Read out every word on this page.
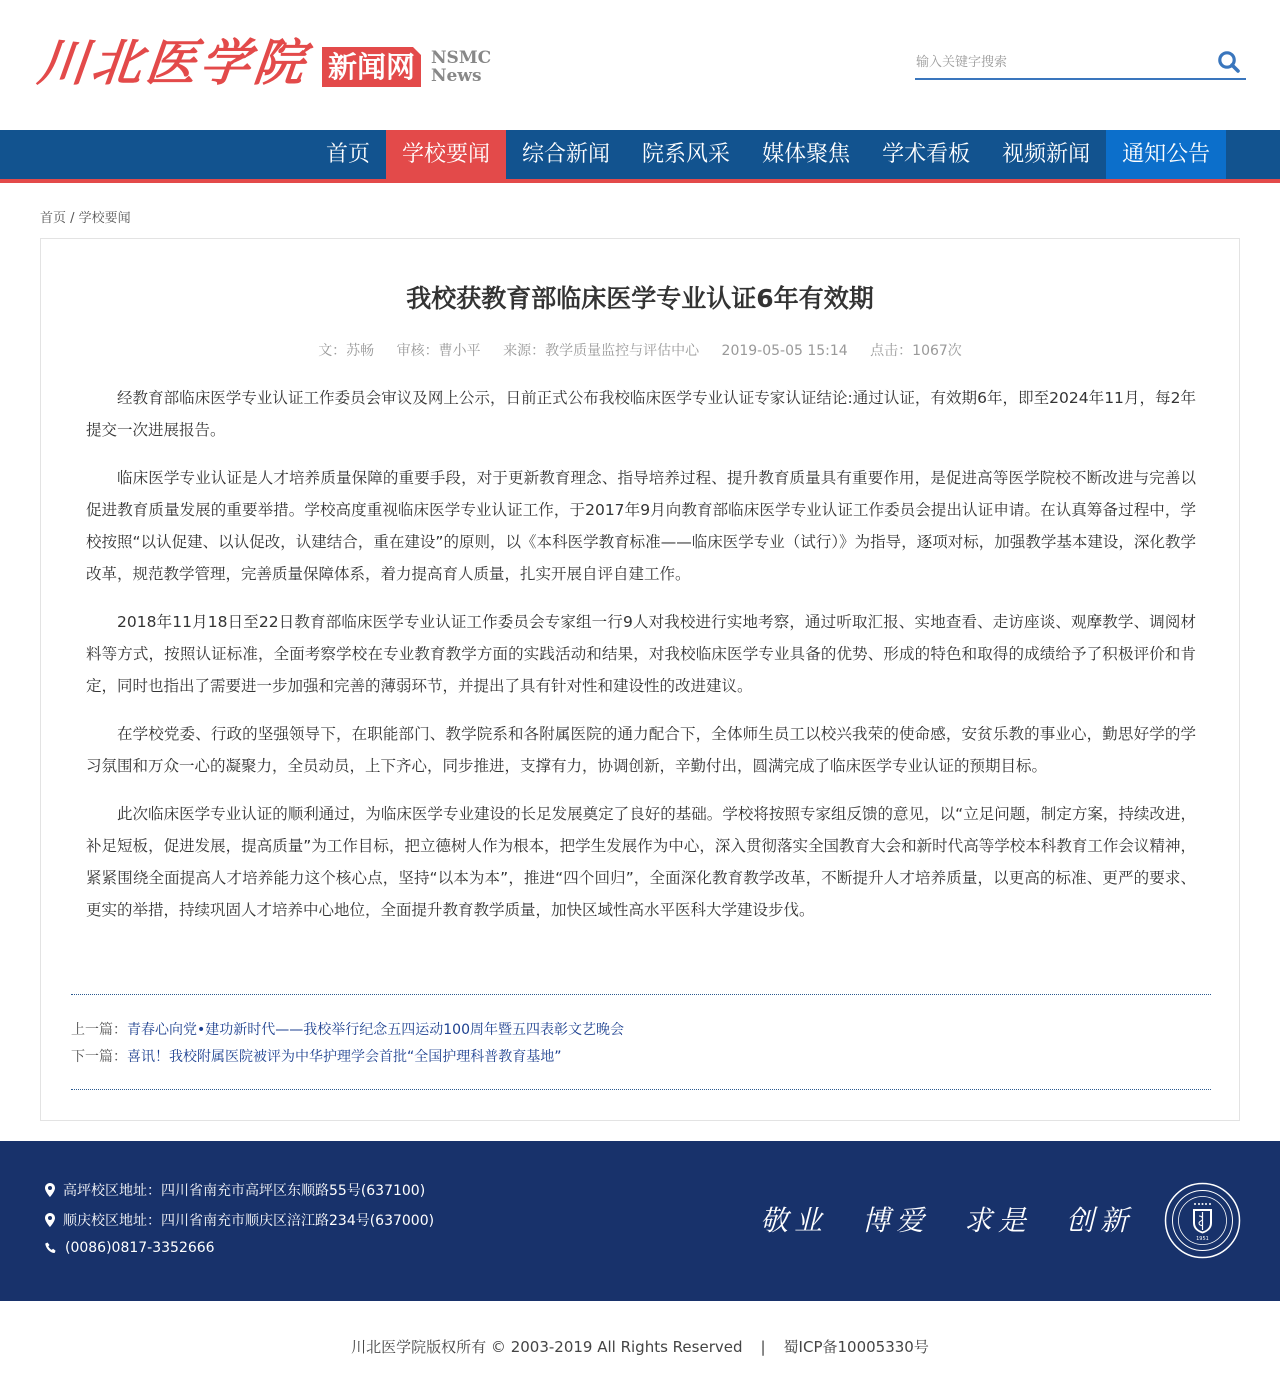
川北医学院 新闻网 NSMC
News
输入关键字搜索
首页	学校要闻	综合新闻	院系风采	媒体聚焦	学术看板	视频新闻	通知公告
首页 / 学校要闻
我校获教育部临床医学专业认证6年有效期
文：苏畅 审核：曹小平 来源：教学质量监控与评估中心 2019-05-05 15:14 点击：1067次

经教育部临床医学专业认证工作委员会审议及网上公示，日前正式公布我校临床医学专业认证专家认证结论:通过认证，有效期6年，即至2024年11月，每2年提交一次进展报告。

临床医学专业认证是人才培养质量保障的重要手段，对于更新教育理念、指导培养过程、提升教育质量具有重要作用，是促进高等医学院校不断改进与完善以促进教育质量发展的重要举措。学校高度重视临床医学专业认证工作，于2017年9月向教育部临床医学专业认证工作委员会提出认证申请。在认真筹备过程中，学校按照“以认促建、以认促改，认建结合，重在建设”的原则，以《本科医学教育标准——临床医学专业（试行）》为指导，逐项对标，加强教学基本建设，深化教学改革，规范教学管理，完善质量保障体系，着力提高育人质量，扎实开展自评自建工作。

2018年11月18日至22日教育部临床医学专业认证工作委员会专家组一行9人对我校进行实地考察，通过听取汇报、实地查看、走访座谈、观摩教学、调阅材料等方式，按照认证标准，全面考察学校在专业教育教学方面的实践活动和结果，对我校临床医学专业具备的优势、形成的特色和取得的成绩给予了积极评价和肯定，同时也指出了需要进一步加强和完善的薄弱环节，并提出了具有针对性和建设性的改进建议。

在学校党委、行政的坚强领导下，在职能部门、教学院系和各附属医院的通力配合下，全体师生员工以校兴我荣的使命感，安贫乐教的事业心，勤思好学的学习氛围和万众一心的凝聚力，全员动员，上下齐心，同步推进，支撑有力，协调创新，辛勤付出，圆满完成了临床医学专业认证的预期目标。

此次临床医学专业认证的顺利通过，为临床医学专业建设的长足发展奠定了良好的基础。学校将按照专家组反馈的意见，以“立足问题，制定方案，持续改进，补足短板，促进发展，提高质量”为工作目标，把立德树人作为根本，把学生发展作为中心，深入贯彻落实全国教育大会和新时代高等学校本科教育工作会议精神，紧紧围绕全面提高人才培养能力这个核心点，坚持“以本为本”，推进“四个回归”，全面深化教育教学改革，不断提升人才培养质量，以更高的标准、更严的要求、更实的举措，持续巩固人才培养中心地位，全面提升教育教学质量，加快区域性高水平医科大学建设步伐。

上一篇：青春心向党•建功新时代——我校举行纪念五四运动100周年暨五四表彰文艺晚会
下一篇：喜讯！我校附属医院被评为中华护理学会首批“全国护理科普教育基地”
高坪校区地址：四川省南充市高坪区东顺路55号(637100)
顺庆校区地址：四川省南充市顺庆区涪江路234号(637000)
(0086)0817-3352666
敬业 博爱 求是 创新
1951
川北医学院版权所有 © 2003-2019 All Rights Reserved | 蜀ICP备10005330号
